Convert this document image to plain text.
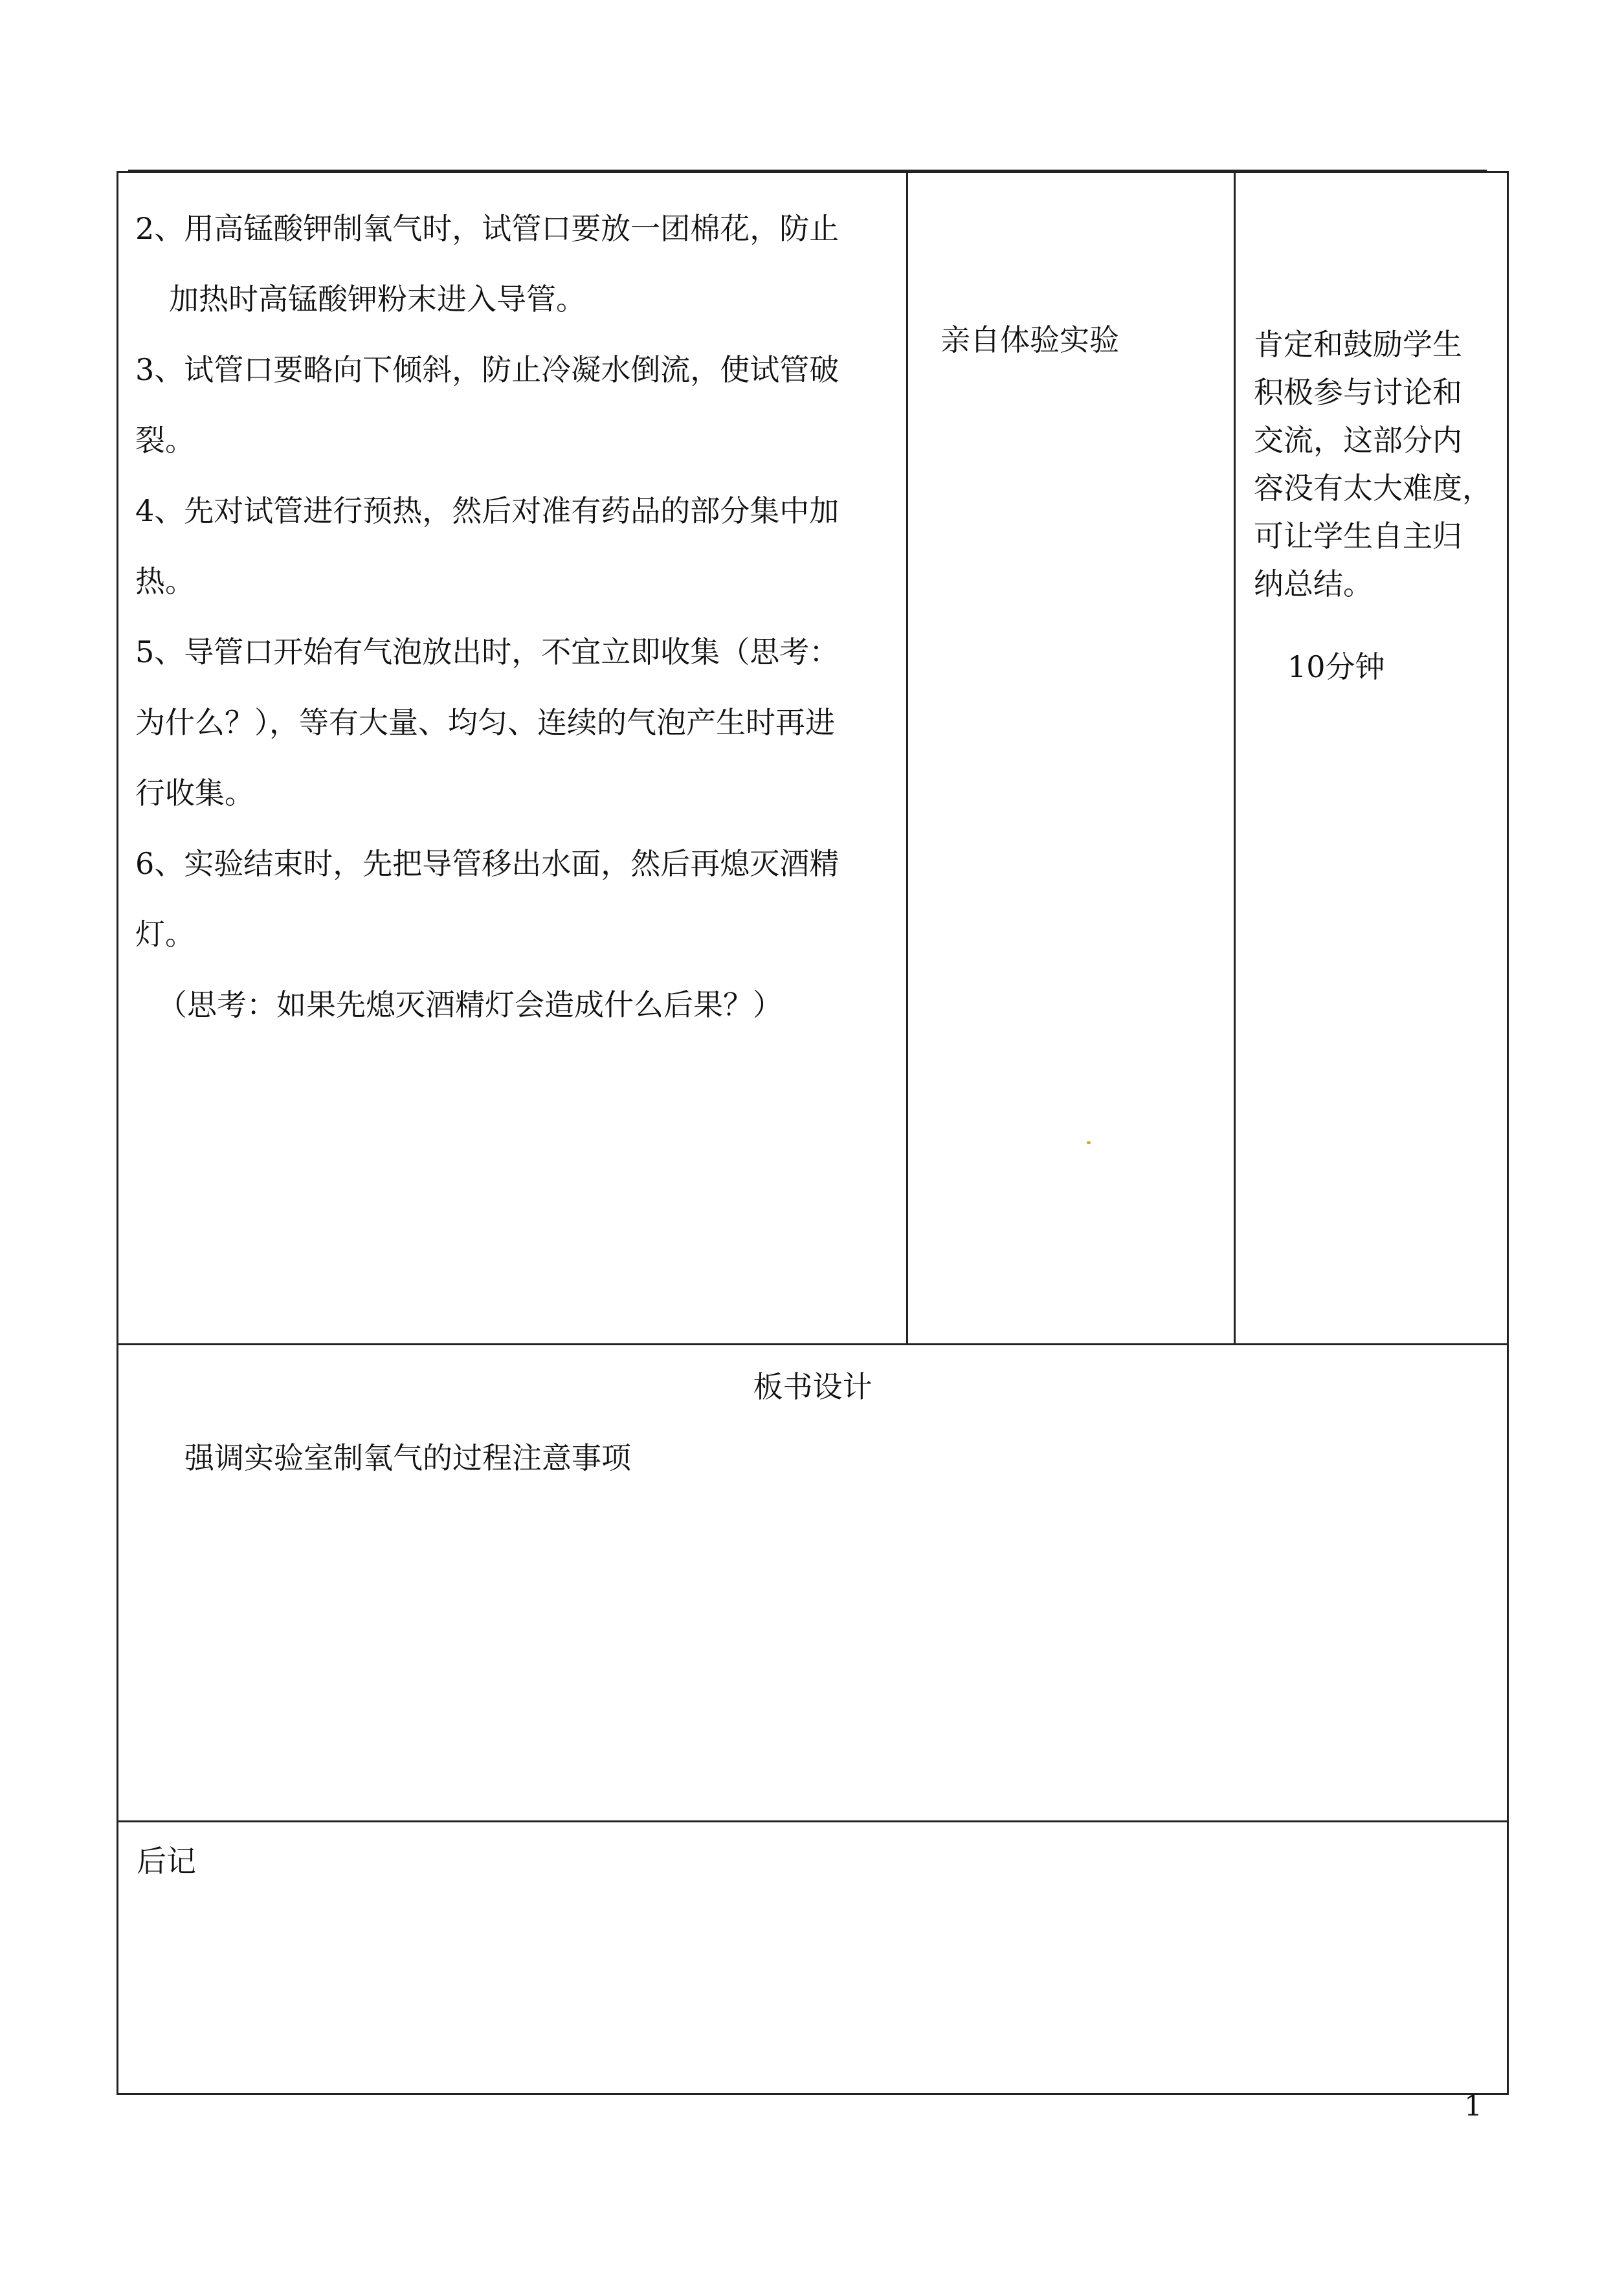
2、用高锰酸钾制氧气时，试管口要放一团棉花，防止

加热时高锰酸钾粉末进入导管。

3、试管口要略向下倾斜，防止冷凝水倒流，使试管破

裂。

4、先对试管进行预热，然后对准有药品的部分集中加

热。

5、导管口开始有气泡放出时，不宜立即收集（思考：

为什么？），等有大量、均匀、连续的气泡产生时再进

行收集。

6、实验结束时，先把导管移出水面，然后再熄灭酒精

灯。

（思考：如果先熄灭酒精灯会造成什么后果？）

亲自体验实验	肯定和鼓励学生
积极参与讨论和
交流，这部分内
容没有太大难度，
可让学生自主归
纳总结。
10分钟

板书设计

强调实验室制氧气的过程注意事项

后记
1
